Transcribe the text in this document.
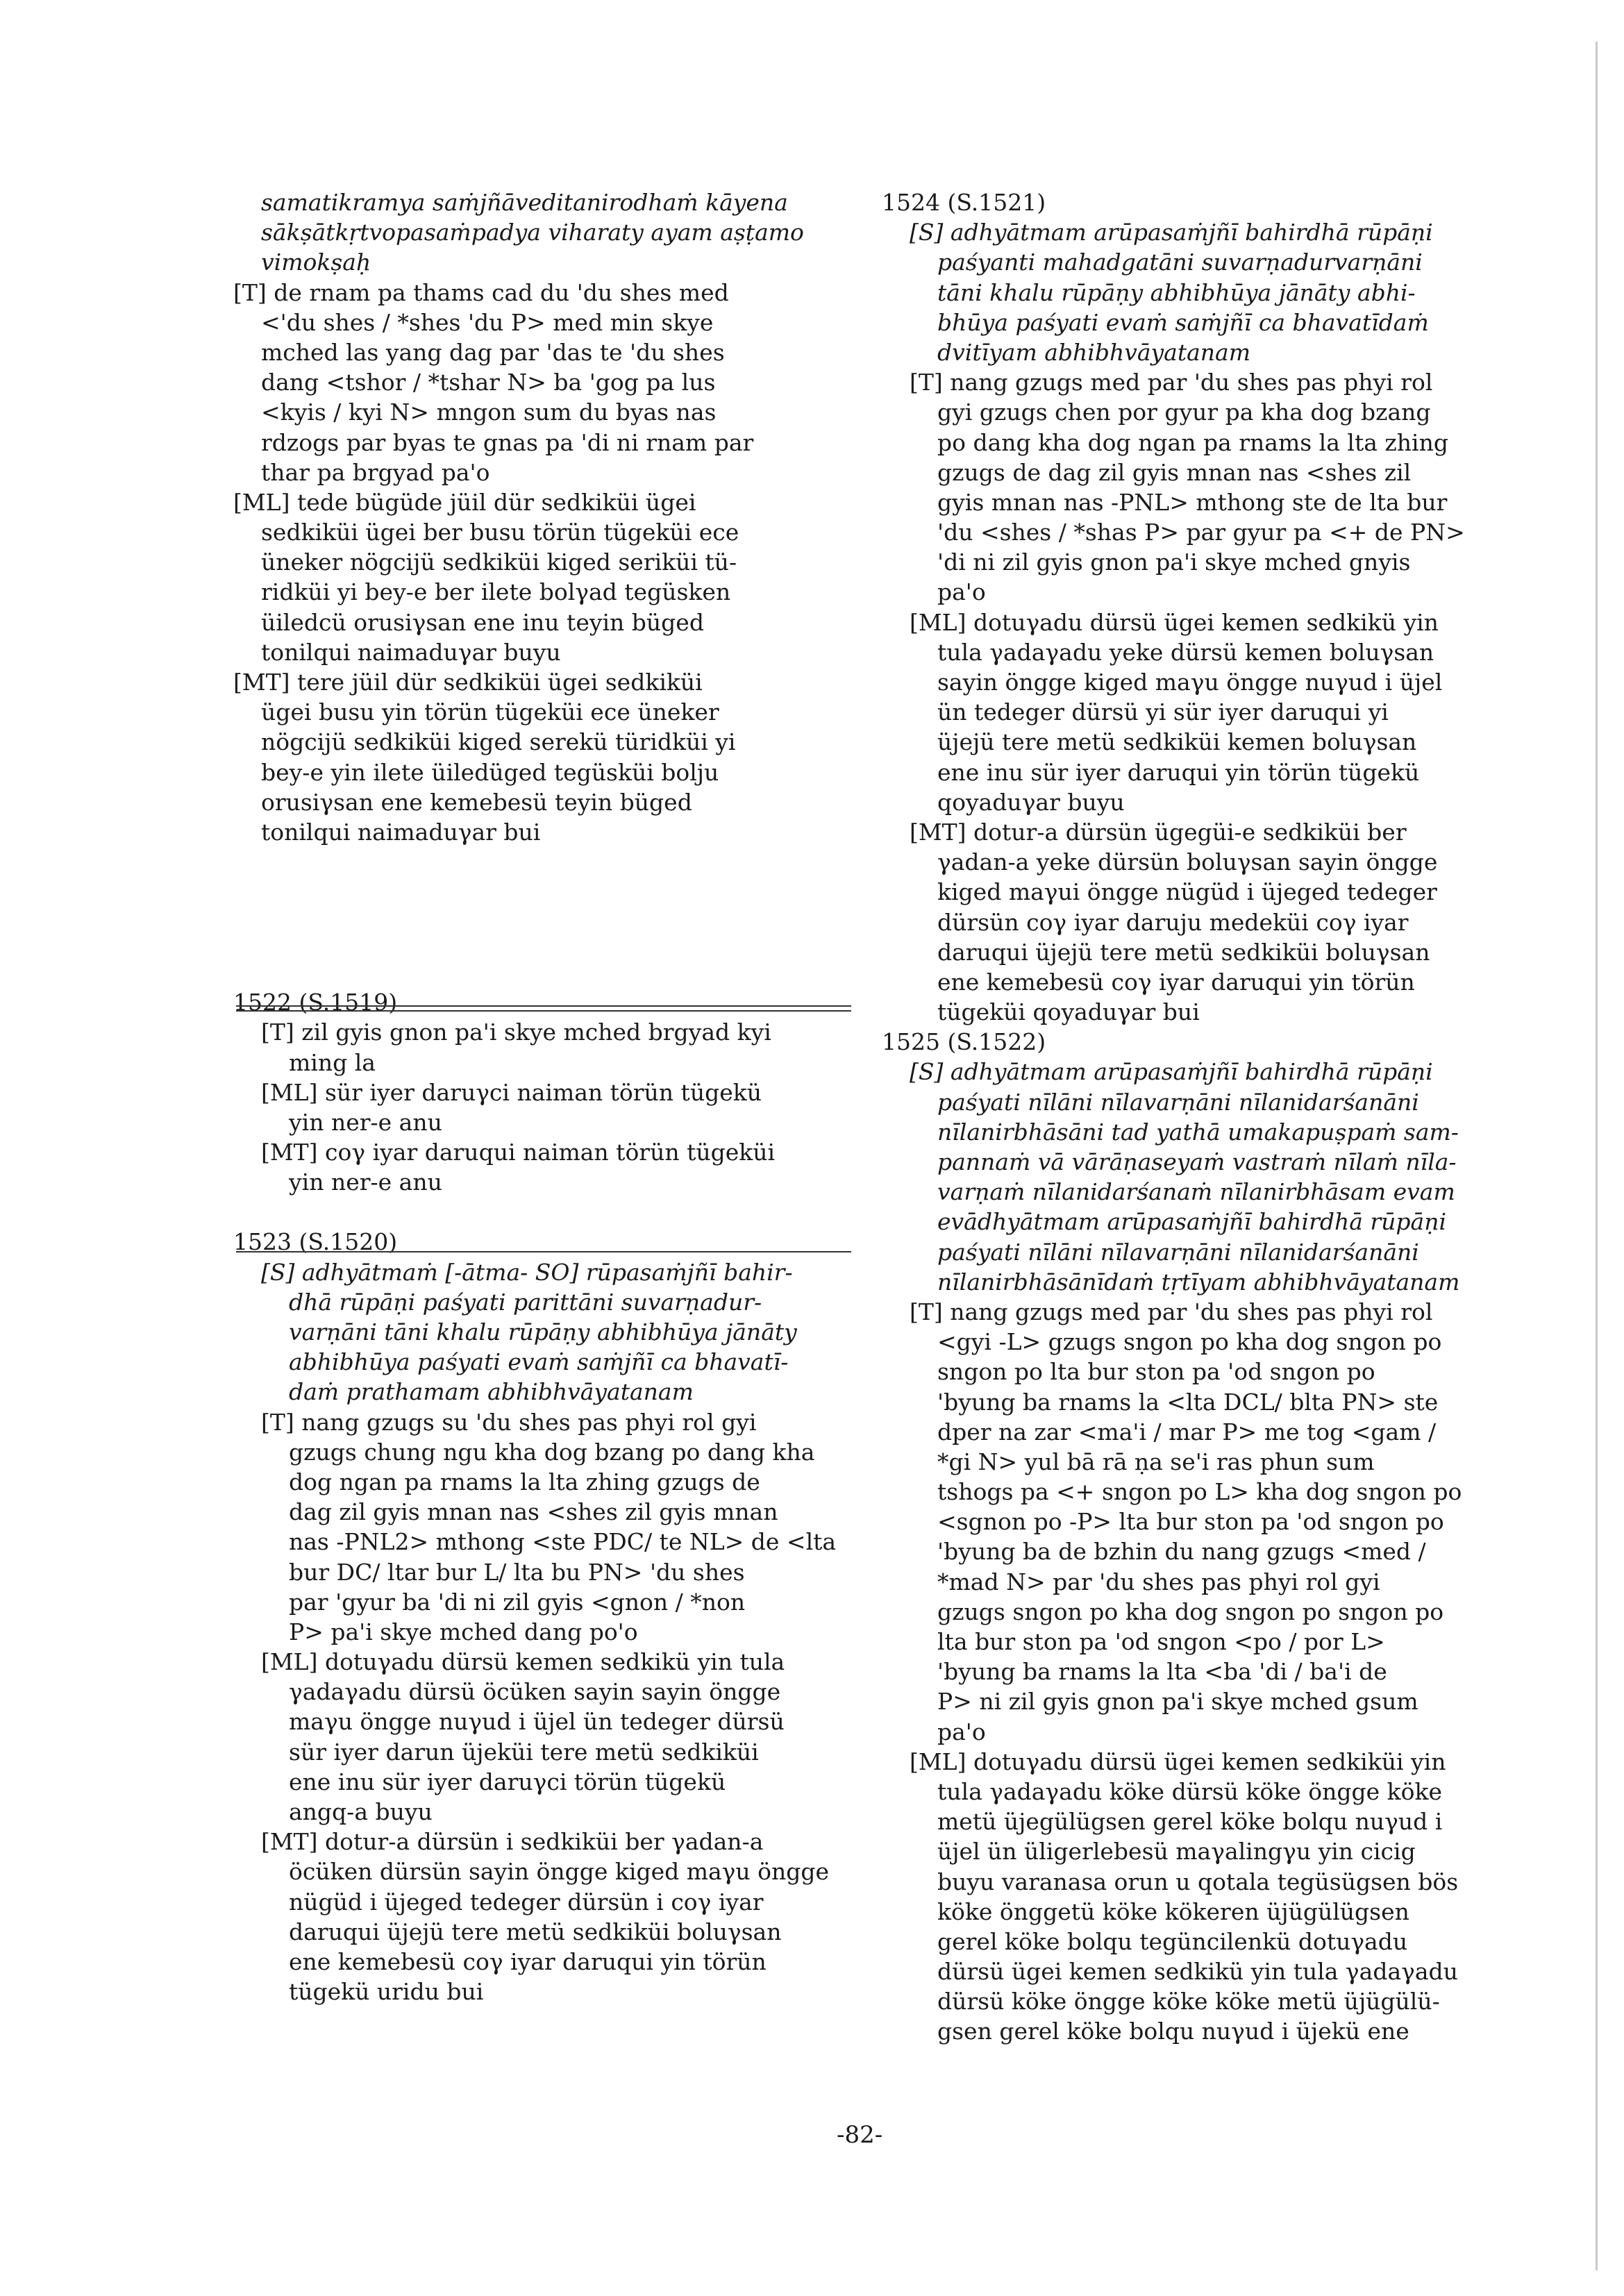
samatikramya saṁjñāveditanirodhaṁ kāyena
sākṣātkṛtvopasaṁpadya viharaty ayam aṣṭamo
vimokṣaḥ
[T] de rnam pa thams cad du 'du shes med
<'du shes / *shes 'du P> med min skye
mched las yang dag par 'das te 'du shes
dang <tshor / *tshar N> ba 'gog pa lus
<kyis / kyi N> mngon sum du byas nas
rdzogs par byas te gnas pa 'di ni rnam par
thar pa brgyad pa'o
[ML] tede bügüde jüil dür sedkiküi ügei
sedkiküi ügei ber busu törün tügeküi ece
üneker nögcijü sedkiküi kiged seriküi tü-
ridküi yi bey-e ber ilete bolγad tegüsken
üiledcü orusiγsan ene inu teyin büged
tonilqui naimaduγar buyu
[MT] tere jüil dür sedkiküi ügei sedkiküi
ügei busu yin törün tügeküi ece üneker
nögcijü sedkiküi kiged serekü türidküi yi
bey-e yin ilete üiledüged tegüsküi bolju
orusiγsan ene kemebesü teyin büged
tonilqui naimaduγar bui
1522 (S.1519)
[T] zil gyis gnon pa'i skye mched brgyad kyi
ming la
[ML] sür iyer daruγci naiman törün tügekü
yin ner-e anu
[MT] coγ iyar daruqui naiman törün tügeküi
yin ner-e anu
1523 (S.1520)
[S] adhyātmaṁ [-ātma- SO] rūpasaṁjñī bahir-
dhā rūpāṇi paśyati parittāni suvarṇadur-
varṇāni tāni khalu rūpāṇy abhibhūya jānāty
abhibhūya paśyati evaṁ saṁjñī ca bhavatī-
daṁ prathamam abhibhvāyatanam
[T] nang gzugs su 'du shes pas phyi rol gyi
gzugs chung ngu kha dog bzang po dang kha
dog ngan pa rnams la lta zhing gzugs de
dag zil gyis mnan nas <shes zil gyis mnan
nas -PNL2> mthong <ste PDC/ te NL> de <lta
bur DC/ ltar bur L/ lta bu PN> 'du shes
par 'gyur ba 'di ni zil gyis <gnon / *non
P> pa'i skye mched dang po'o
[ML] dotuγadu dürsü kemen sedkikü yin tula
γadaγadu dürsü öcüken sayin sayin öngge
maγu öngge nuγud i üjel ün tedeger dürsü
sür iyer darun üjeküi tere metü sedkiküi
ene inu sür iyer daruγci törün tügekü
angq-a buyu
[MT] dotur-a dürsün i sedkiküi ber γadan-a
öcüken dürsün sayin öngge kiged maγu öngge
nügüd i üjeged tedeger dürsün i coγ iyar
daruqui üjejü tere metü sedkiküi boluγsan
ene kemebesü coγ iyar daruqui yin törün
tügekü uridu bui
1524 (S.1521)
[S] adhyātmam arūpasaṁjñī bahirdhā rūpāṇi
paśyanti mahadgatāni suvarṇadurvarṇāni
tāni khalu rūpāṇy abhibhūya jānāty abhi-
bhūya paśyati evaṁ saṁjñī ca bhavatīdaṁ
dvitīyam abhibhvāyatanam
[T] nang gzugs med par 'du shes pas phyi rol
gyi gzugs chen por gyur pa kha dog bzang
po dang kha dog ngan pa rnams la lta zhing
gzugs de dag zil gyis mnan nas <shes zil
gyis mnan nas -PNL> mthong ste de lta bur
'du <shes / *shas P> par gyur pa <+ de PN>
'di ni zil gyis gnon pa'i skye mched gnyis
pa'o
[ML] dotuγadu dürsü ügei kemen sedkikü yin
tula γadaγadu yeke dürsü kemen boluγsan
sayin öngge kiged maγu öngge nuγud i üjel
ün tedeger dürsü yi sür iyer daruqui yi
üjejü tere metü sedkiküi kemen boluγsan
ene inu sür iyer daruqui yin törün tügekü
qoyaduγar buyu
[MT] dotur-a dürsün ügegüi-e sedkiküi ber
γadan-a yeke dürsün boluγsan sayin öngge
kiged maγui öngge nügüd i üjeged tedeger
dürsün coγ iyar daruju medeküi coγ iyar
daruqui üjejü tere metü sedkiküi boluγsan
ene kemebesü coγ iyar daruqui yin törün
tügeküi qoyaduγar bui
1525 (S.1522)
[S] adhyātmam arūpasaṁjñī bahirdhā rūpāṇi
paśyati nīlāni nīlavarṇāni nīlanidarśanāni
nīlanirbhāsāni tad yathā umakapuṣpaṁ sam-
pannaṁ vā vārāṇaseyaṁ vastraṁ nīlaṁ nīla-
varṇaṁ nīlanidarśanaṁ nīlanirbhāsam evam
evādhyātmam arūpasaṁjñī bahirdhā rūpāṇi
paśyati nīlāni nīlavarṇāni nīlanidarśanāni
nīlanirbhāsānīdaṁ tṛtīyam abhibhvāyatanam
[T] nang gzugs med par 'du shes pas phyi rol
<gyi -L> gzugs sngon po kha dog sngon po
sngon po lta bur ston pa 'od sngon po
'byung ba rnams la <lta DCL/ blta PN> ste
dper na zar <ma'i / mar P> me tog <gam /
*gi N> yul bā rā ṇa se'i ras phun sum
tshogs pa <+ sngon po L> kha dog sngon po
<sgnon po -P> lta bur ston pa 'od sngon po
'byung ba de bzhin du nang gzugs <med /
*mad N> par 'du shes pas phyi rol gyi
gzugs sngon po kha dog sngon po sngon po
lta bur ston pa 'od sngon <po / por L>
'byung ba rnams la lta <ba 'di / ba'i de
P> ni zil gyis gnon pa'i skye mched gsum
pa'o
[ML] dotuγadu dürsü ügei kemen sedkiküi yin
tula γadaγadu köke dürsü köke öngge köke
metü üjegülügsen gerel köke bolqu nuγud i
üjel ün üligerlebesü maγalingγu yin cicig
buyu varanasa orun u qotala tegüsügsen bös
köke önggetü köke kökeren üjügülügsen
gerel köke bolqu tegüncilenkü dotuγadu
dürsü ügei kemen sedkikü yin tula γadaγadu
dürsü köke öngge köke köke metü üjügülü-
gsen gerel köke bolqu nuγud i üjekü ene
-82-
